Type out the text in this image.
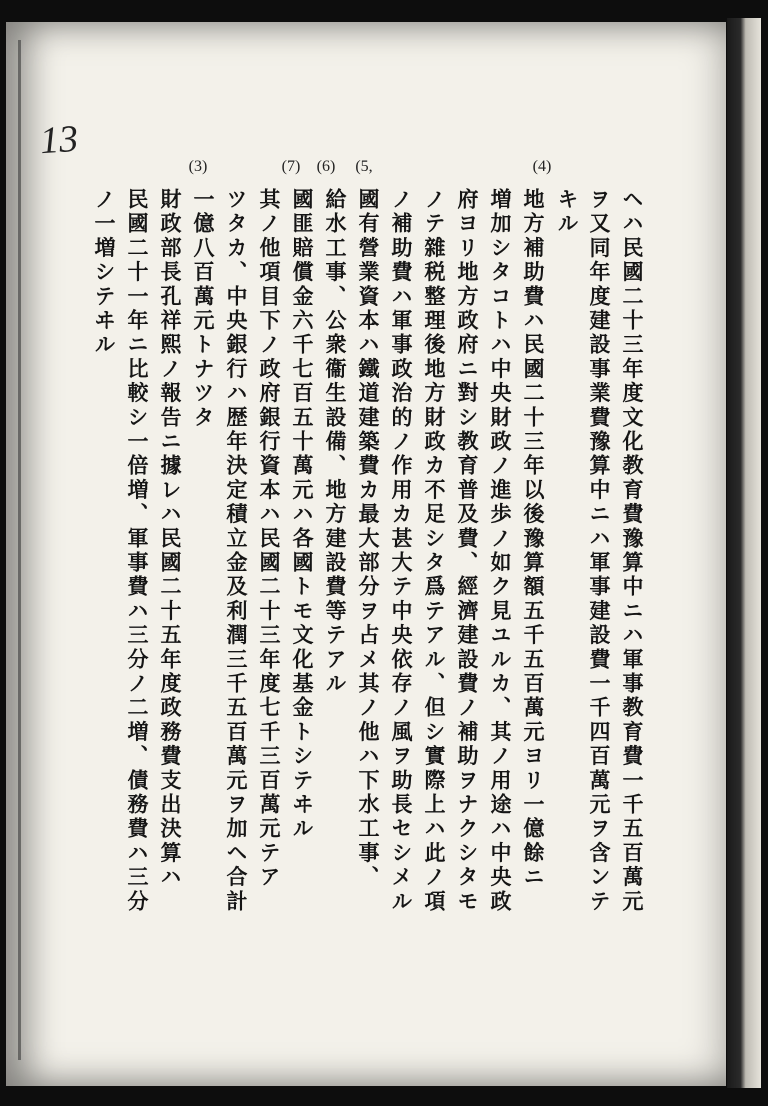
13
(4)
(5,
(6)
(7)
(3)
ヘハ民國二十三年度文化教育費豫算中ニハ軍事教育費一千五百萬元
ヲ又同年度建設事業費豫算中ニハ軍事建設費一千四百萬元ヲ含ンテ
キル
地方補助費ハ民國二十三年以後豫算額五千五百萬元ヨリ一億餘ニ
増加シタコトハ中央財政ノ進歩ノ如ク見ユルカ、其ノ用途ハ中央政
府ヨリ地方政府ニ對シ教育普及費、經濟建設費ノ補助ヲナクシタモ
ノテ雜税整理後地方財政カ不足シタ爲テアル、但シ實際上ハ此ノ項
ノ補助費ハ軍事政治的ノ作用カ甚大テ中央依存ノ風ヲ助長セシメル
國有營業資本ハ鐵道建築費カ最大部分ヲ占メ其ノ他ハ下水工事、
給水工事、公衆衞生設備、地方建設費等テアル
國匪賠償金六千七百五十萬元ハ各國トモ文化基金トシテヰル
其ノ他項目下ノ政府銀行資本ハ民國二十三年度七千三百萬元テア
ツタカ、中央銀行ハ歴年決定積立金及利潤三千五百萬元ヲ加ヘ合計
一億八百萬元トナツタ
財政部長孔祥熙ノ報告ニ據レハ民國二十五年度政務費支出決算ハ
民國二十一年ニ比較シ一倍増、軍事費ハ三分ノ二増、債務費ハ三分
ノ一増シテヰル
